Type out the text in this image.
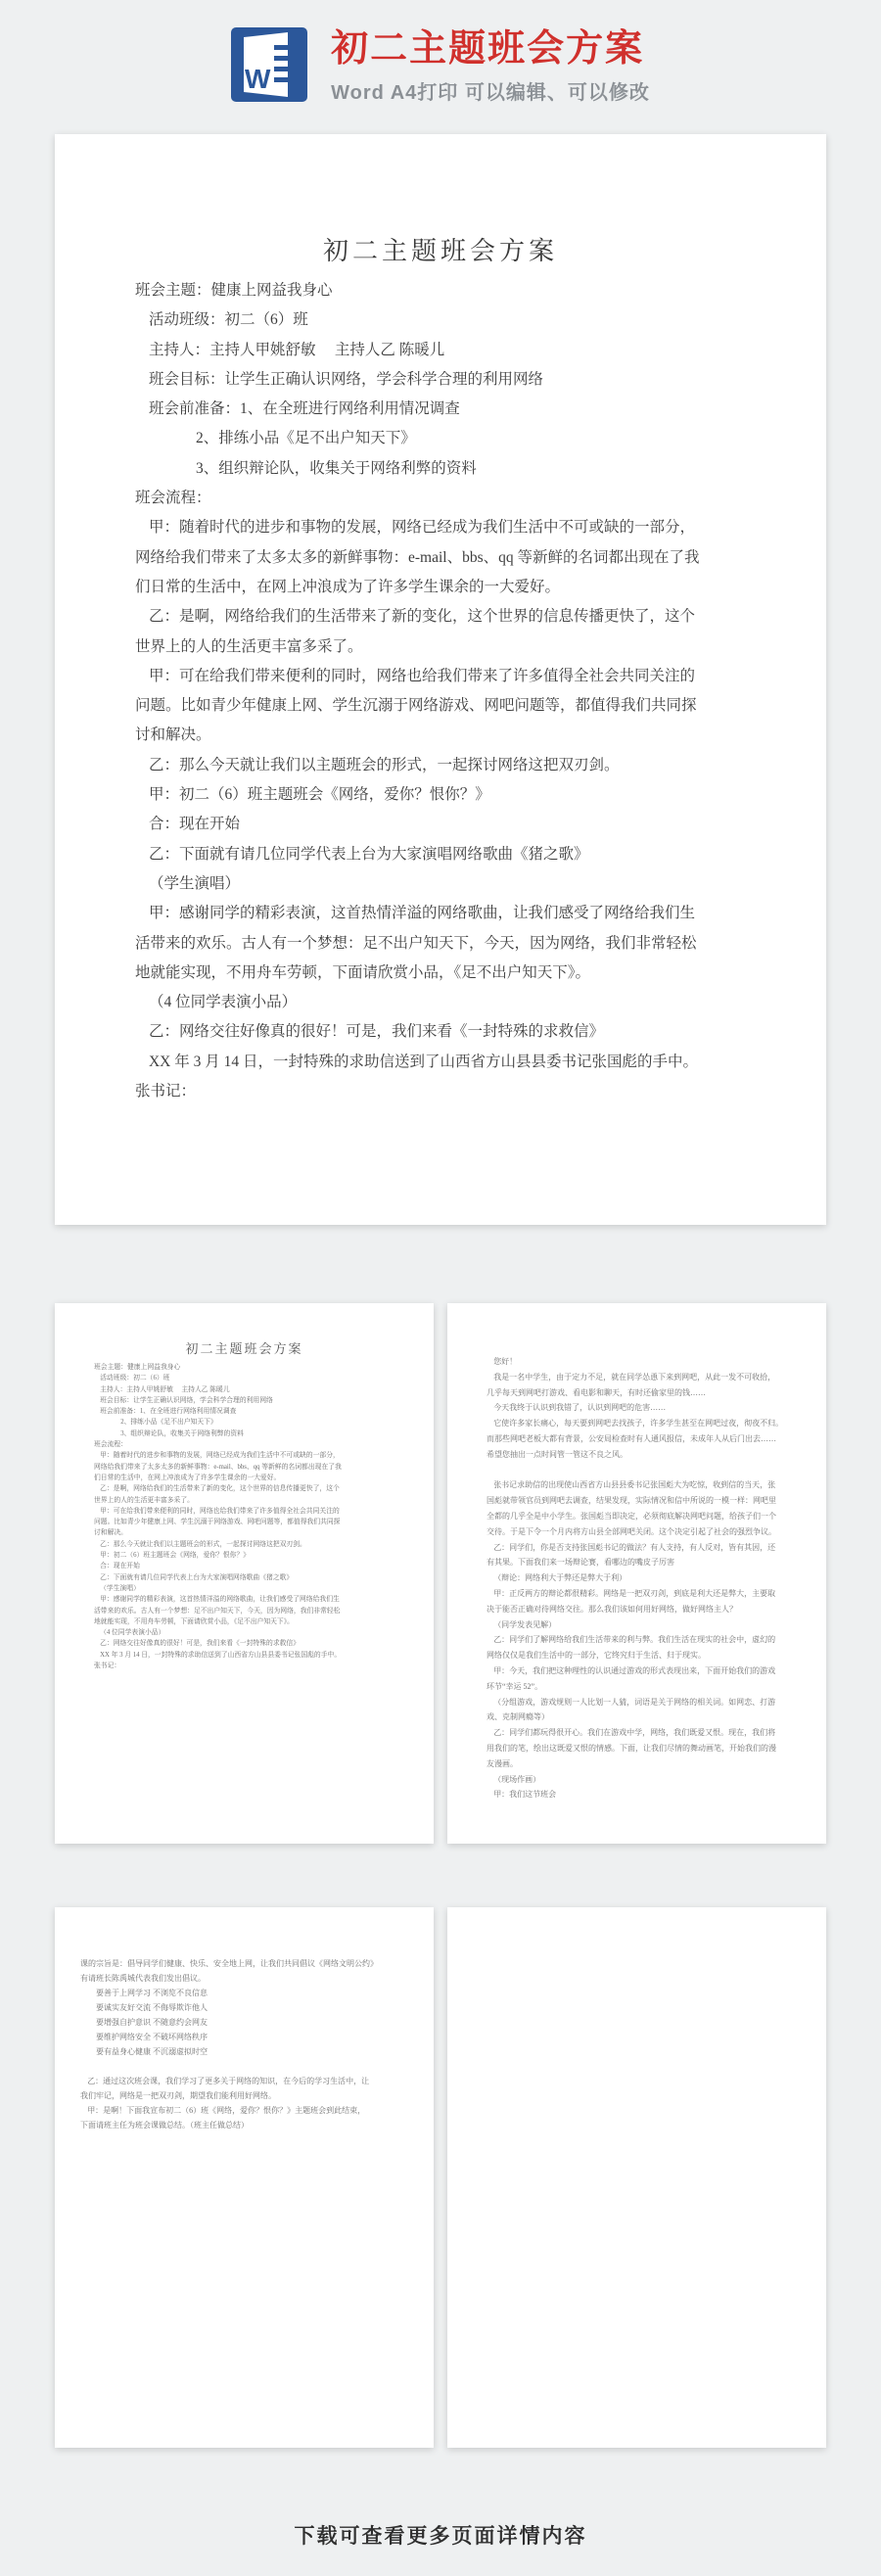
W
初二主题班会方案
Word A4打印 可以编辑、可以修改
初二主题班会方案
班会主题：健康上网益我身心
活动班级：初二（6）班
主持人：主持人甲姚舒敏　 主持人乙 陈暖儿
班会目标：让学生正确认识网络，学会科学合理的利用网络
班会前准备：1、在全班进行网络利用情况调查
2、排练小品《足不出户知天下》
3、组织辩论队，收集关于网络利弊的资料
班会流程：
甲：随着时代的进步和事物的发展，网络已经成为我们生活中不可或缺的一部分，
网络给我们带来了太多太多的新鲜事物：e-mail、bbs、qq 等新鲜的名词都出现在了我
们日常的生活中，在网上冲浪成为了许多学生课余的一大爱好。
乙：是啊，网络给我们的生活带来了新的变化，这个世界的信息传播更快了，这个
世界上的人的生活更丰富多采了。
甲：可在给我们带来便利的同时，网络也给我们带来了许多值得全社会共同关注的
问题。比如青少年健康上网、学生沉溺于网络游戏、网吧问题等，都值得我们共同探
讨和解决。
乙：那么今天就让我们以主题班会的形式，一起探讨网络这把双刃剑。
甲：初二（6）班主题班会《网络，爱你？恨你？》
合：现在开始
乙：下面就有请几位同学代表上台为大家演唱网络歌曲《猪之歌》
（学生演唱）
甲：感谢同学的精彩表演，这首热情洋溢的网络歌曲，让我们感受了网络给我们生
活带来的欢乐。古人有一个梦想：足不出户知天下，今天，因为网络，我们非常轻松
地就能实现，不用舟车劳顿，下面请欣赏小品，《足不出户知天下》。
（4 位同学表演小品）
乙：网络交往好像真的很好！可是，我们来看《一封特殊的求救信》
XX 年 3 月 14 日，一封特殊的求助信送到了山西省方山县县委书记张国彪的手中。
张书记：
初二主题班会方案
班会主题：健康上网益我身心
活动班级：初二（6）班
主持人：主持人甲姚舒敏　 主持人乙 陈暖儿
班会目标：让学生正确认识网络，学会科学合理的利用网络
班会前准备：1、在全班进行网络利用情况调查
2、排练小品《足不出户知天下》
3、组织辩论队，收集关于网络利弊的资料
班会流程：
甲：随着时代的进步和事物的发展，网络已经成为我们生活中不可或缺的一部分，
网络给我们带来了太多太多的新鲜事物：e-mail、bbs、qq 等新鲜的名词都出现在了我
们日常的生活中，在网上冲浪成为了许多学生课余的一大爱好。
乙：是啊，网络给我们的生活带来了新的变化，这个世界的信息传播更快了，这个
世界上的人的生活更丰富多采了。
甲：可在给我们带来便利的同时，网络也给我们带来了许多值得全社会共同关注的
问题。比如青少年健康上网、学生沉溺于网络游戏、网吧问题等，都值得我们共同探
讨和解决。
乙：那么今天就让我们以主题班会的形式，一起探讨网络这把双刃剑。
甲：初二（6）班主题班会《网络，爱你？恨你？》
合：现在开始
乙：下面就有请几位同学代表上台为大家演唱网络歌曲《猪之歌》
（学生演唱）
甲：感谢同学的精彩表演，这首热情洋溢的网络歌曲，让我们感受了网络给我们生
活带来的欢乐。古人有一个梦想：足不出户知天下，今天，因为网络，我们非常轻松
地就能实现，不用舟车劳顿，下面请欣赏小品，《足不出户知天下》。
（4 位同学表演小品）
乙：网络交往好像真的很好！可是，我们来看《一封特殊的求救信》
XX 年 3 月 14 日，一封特殊的求助信送到了山西省方山县县委书记张国彪的手中。
张书记：
您好！
我是一名中学生，由于定力不足，就在同学怂恿下来到网吧，从此一发不可收拾，
几乎每天到网吧打游戏、看电影和聊天，有时还偷家里的钱……
今天我终于认识到我错了，认识到网吧的危害……
它使许多家长痛心，每天要到网吧去找孩子，许多学生甚至在网吧过夜，彻夜不归。
而那些网吧老板大都有背景，公安局检查时有人通风报信，未成年人从后门出去……
希望您抽出一点时间管一管这不良之风。

张书记求助信的出现使山西省方山县县委书记张国彪大为吃惊，收到信的当天，张
国彪就带领官员到网吧去调查，结果发现，实际情况和信中所说的一模一样：网吧里
全都的几乎全是中小学生。张国彪当即决定，必须彻底解决网吧问题，给孩子们一个
交待。于是下令一个月内将方山县全部网吧关闭。这个决定引起了社会的强烈争议。
乙：同学们，你是否支持张国彪书记的做法？有人支持，有人反对，皆有其因，还
有其果。下面我们来一场辩论赛，看哪边的嘴皮子厉害
（辩论：网络利大于弊还是弊大于利）
甲：正反两方的辩论都很精彩。网络是一把双刃剑，到底是利大还是弊大，主要取
决于能否正确对待网络交往。那么我们该如何用好网络，做好网络主人？
（同学发表见解）
乙：同学们了解网络给我们生活带来的利与弊。我们生活在现实的社会中，虚幻的
网络仅仅是我们生活中的一部分，它终究归于生活、归于现实。
甲：今天，我们把这种理性的认识通过游戏的形式表现出来，下面开始我们的游戏
环节“幸运 52”。
（分组游戏，游戏规则一人比划一人猜，词语是关于网络的相关词。如网恋、打游
戏、克制网瘾等）
乙：同学们都玩得很开心。我们在游戏中学，网络，我们既爱又恨。现在，我们将
用我们的笔，绘出这既爱又恨的情感。下面，让我们尽情的舞动画笔，开始我们的漫
友漫画。
（现场作画）
甲：我们这节班会
课的宗旨是：倡导同学们健康、快乐、安全地上网，让我们共同倡议《网络文明公约》
有请班长陈禹城代表我们发出倡议。
要善于上网学习 不浏览不良信息
要诚实友好交流 不侮辱欺诈他人
要增强自护意识 不随意约会网友
要维护网络安全 不破坏网络秩序
要有益身心健康 不沉溺虚拟时空

乙：通过这次班会课，我们学习了更多关于网络的知识，在今后的学习生活中，让
我们牢记，网络是一把双刃剑，期望我们能利用好网络。
甲：是啊！下面我宣布初二（6）班《网络，爱你？恨你？》主题班会到此结束，
下面请班主任为班会课做总结。（班主任做总结）
下载可查看更多页面详情内容
